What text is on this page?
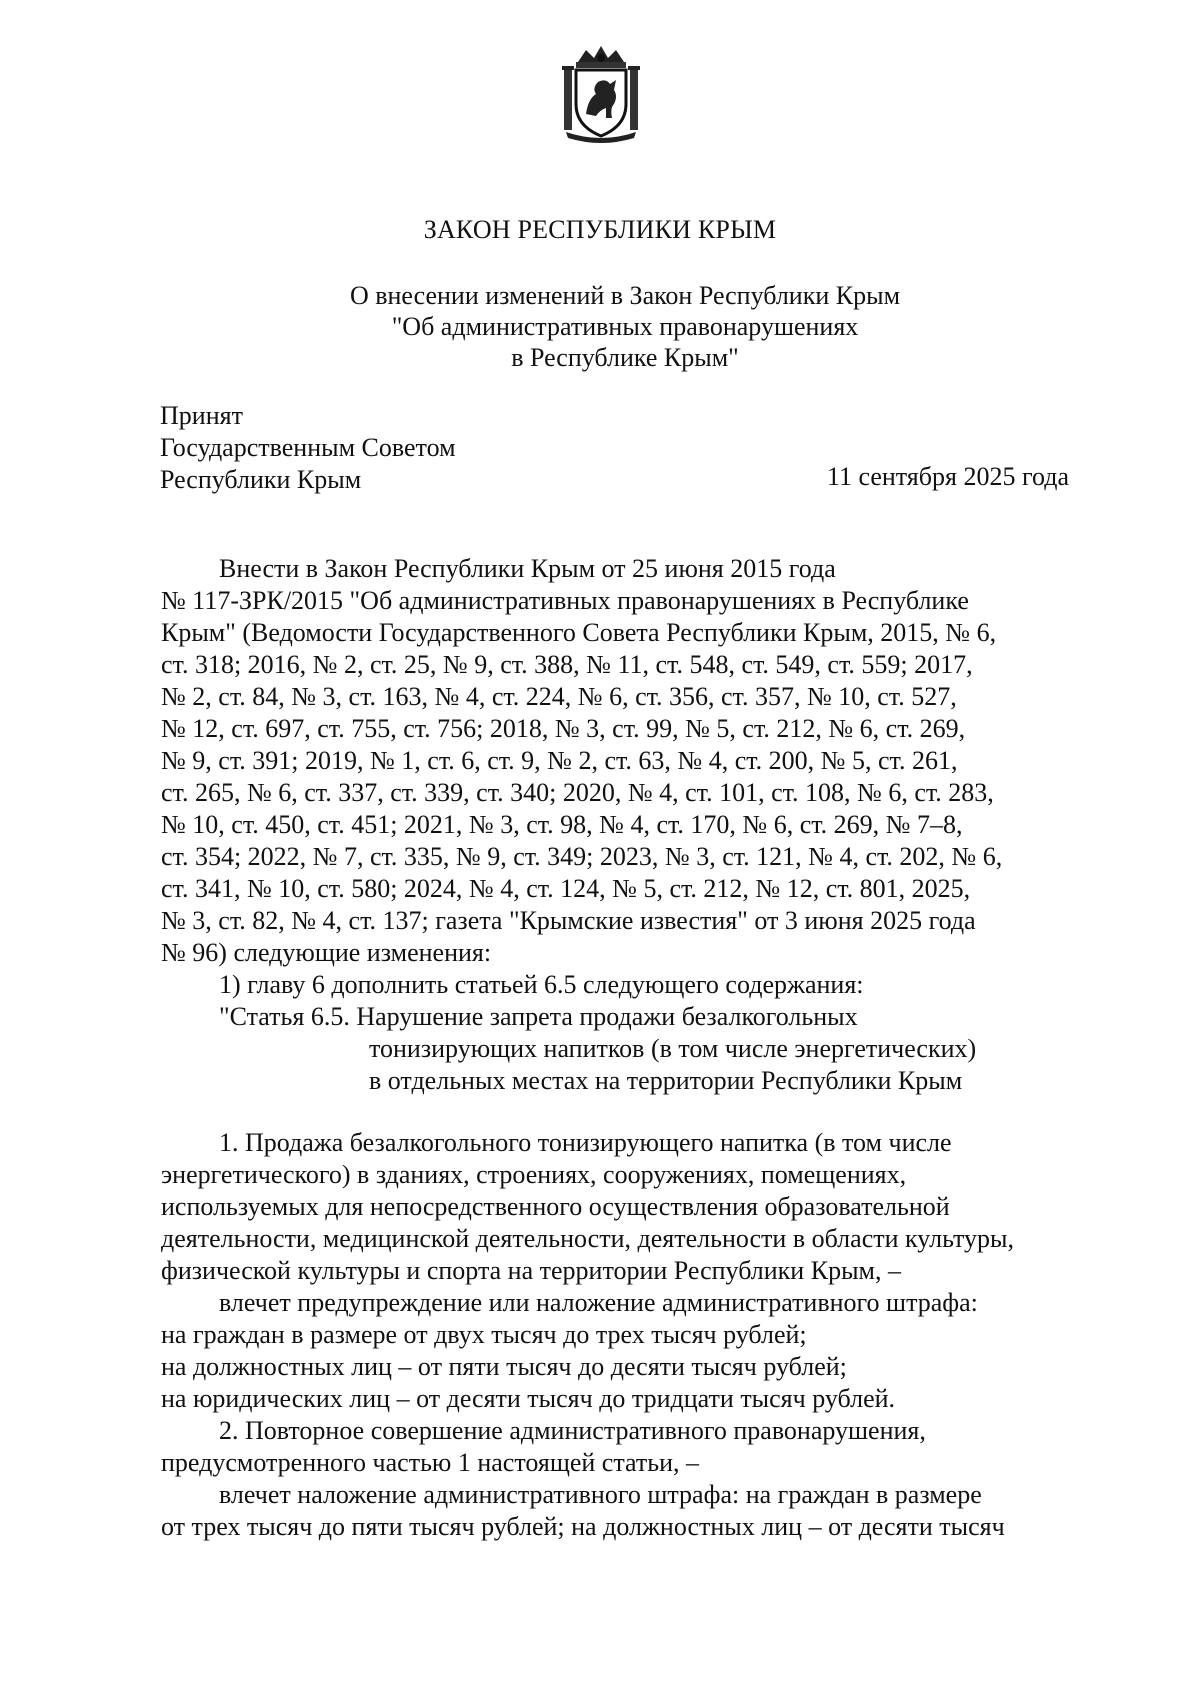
ЗАКОН РЕСПУБЛИКИ КРЫМ
О внесении изменений в Закон Республики Крым
"Об административных правонарушениях
в Республике Крым"
Принят
Государственным Советом
Республики Крым	11 сентября 2025 года

Внести в Закон Республики Крым от 25 июня 2015 года

№ 117-ЗРК/2015 "Об административных правонарушениях в Республике

Крым" (Ведомости Государственного Совета Республики Крым, 2015, № 6,

ст. 318; 2016, № 2, ст. 25, № 9, ст. 388, № 11, ст. 548, ст. 549, ст. 559; 2017,

№ 2, ст. 84, № 3, ст. 163, № 4, ст. 224, № 6, ст. 356, ст. 357, № 10, ст. 527,

№ 12, ст. 697, ст. 755, ст. 756; 2018, № 3, ст. 99, № 5, ст. 212, № 6, ст. 269,

№ 9, ст. 391; 2019, № 1, ст. 6, ст. 9, № 2, ст. 63, № 4, ст. 200, № 5, ст. 261,

ст. 265, № 6, ст. 337, ст. 339, ст. 340; 2020, № 4, ст. 101, ст. 108, № 6, ст. 283,

№ 10, ст. 450, ст. 451; 2021, № 3, ст. 98, № 4, ст. 170, № 6, ст. 269, № 7–8,

ст. 354; 2022, № 7, ст. 335, № 9, ст. 349; 2023, № 3, ст. 121, № 4, ст. 202, № 6,

ст. 341, № 10, ст. 580; 2024, № 4, ст. 124, № 5, ст. 212, № 12, ст. 801, 2025,

№ 3, ст. 82, № 4, ст. 137; газета "Крымские известия" от 3 июня 2025 года

№ 96) следующие изменения:

1) главу 6 дополнить статьей 6.5 следующего содержания:

"Статья 6.5. Нарушение запрета продажи безалкогольных
тонизирующих напитков (в том числе энергетических)
в отдельных местах на территории Республики Крым

1. Продажа безалкогольного тонизирующего напитка (в том числе

энергетического) в зданиях, строениях, сооружениях, помещениях,

используемых для непосредственного осуществления образовательной

деятельности, медицинской деятельности, деятельности в области культуры,

физической культуры и спорта на территории Республики Крым, –

влечет предупреждение или наложение административного штрафа:

на граждан в размере от двух тысяч до трех тысяч рублей;

на должностных лиц – от пяти тысяч до десяти тысяч рублей;

на юридических лиц – от десяти тысяч до тридцати тысяч рублей.

2. Повторное совершение административного правонарушения,

предусмотренного частью 1 настоящей статьи, –

влечет наложение административного штрафа: на граждан в размере

от трех тысяч до пяти тысяч рублей; на должностных лиц – от десяти тысяч
